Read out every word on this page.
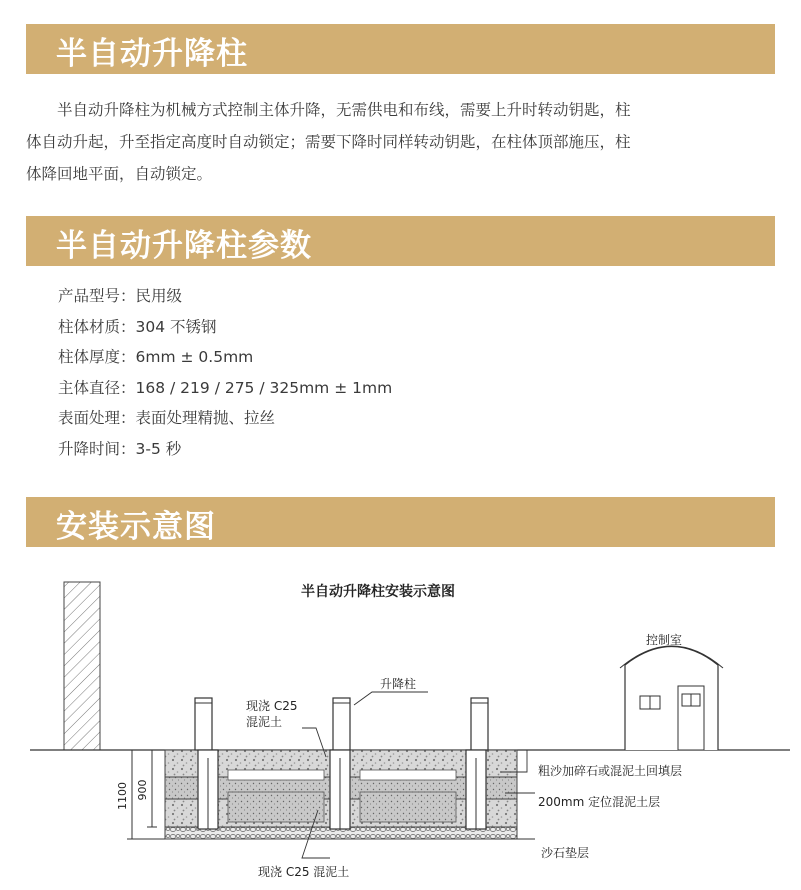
半自动升降柱
半自动升降柱为机械方式控制主体升降，无需供电和布线，需要上升时转动钥匙，柱
体自动升起，升至指定高度时自动锁定；需要下降时同样转动钥匙，在柱体顶部施压，柱
体降回地平面，自动锁定。
半自动升降柱参数
产品型号：民用级
柱体材质：304 不锈钢
柱体厚度：6mm ± 0.5mm
主体直径：168 / 219 / 275 / 325mm ± 1mm
表面处理：表面处理精抛、拉丝
升降时间：3-5 秒
安装示意图
半自动升降柱安装示意图
控制室
1100 900
现浇 C25
混泥土
升降柱
粗沙加碎石或混泥土回填层
200mm 定位混泥土层
沙石垫层
现浇 C25 混泥土
